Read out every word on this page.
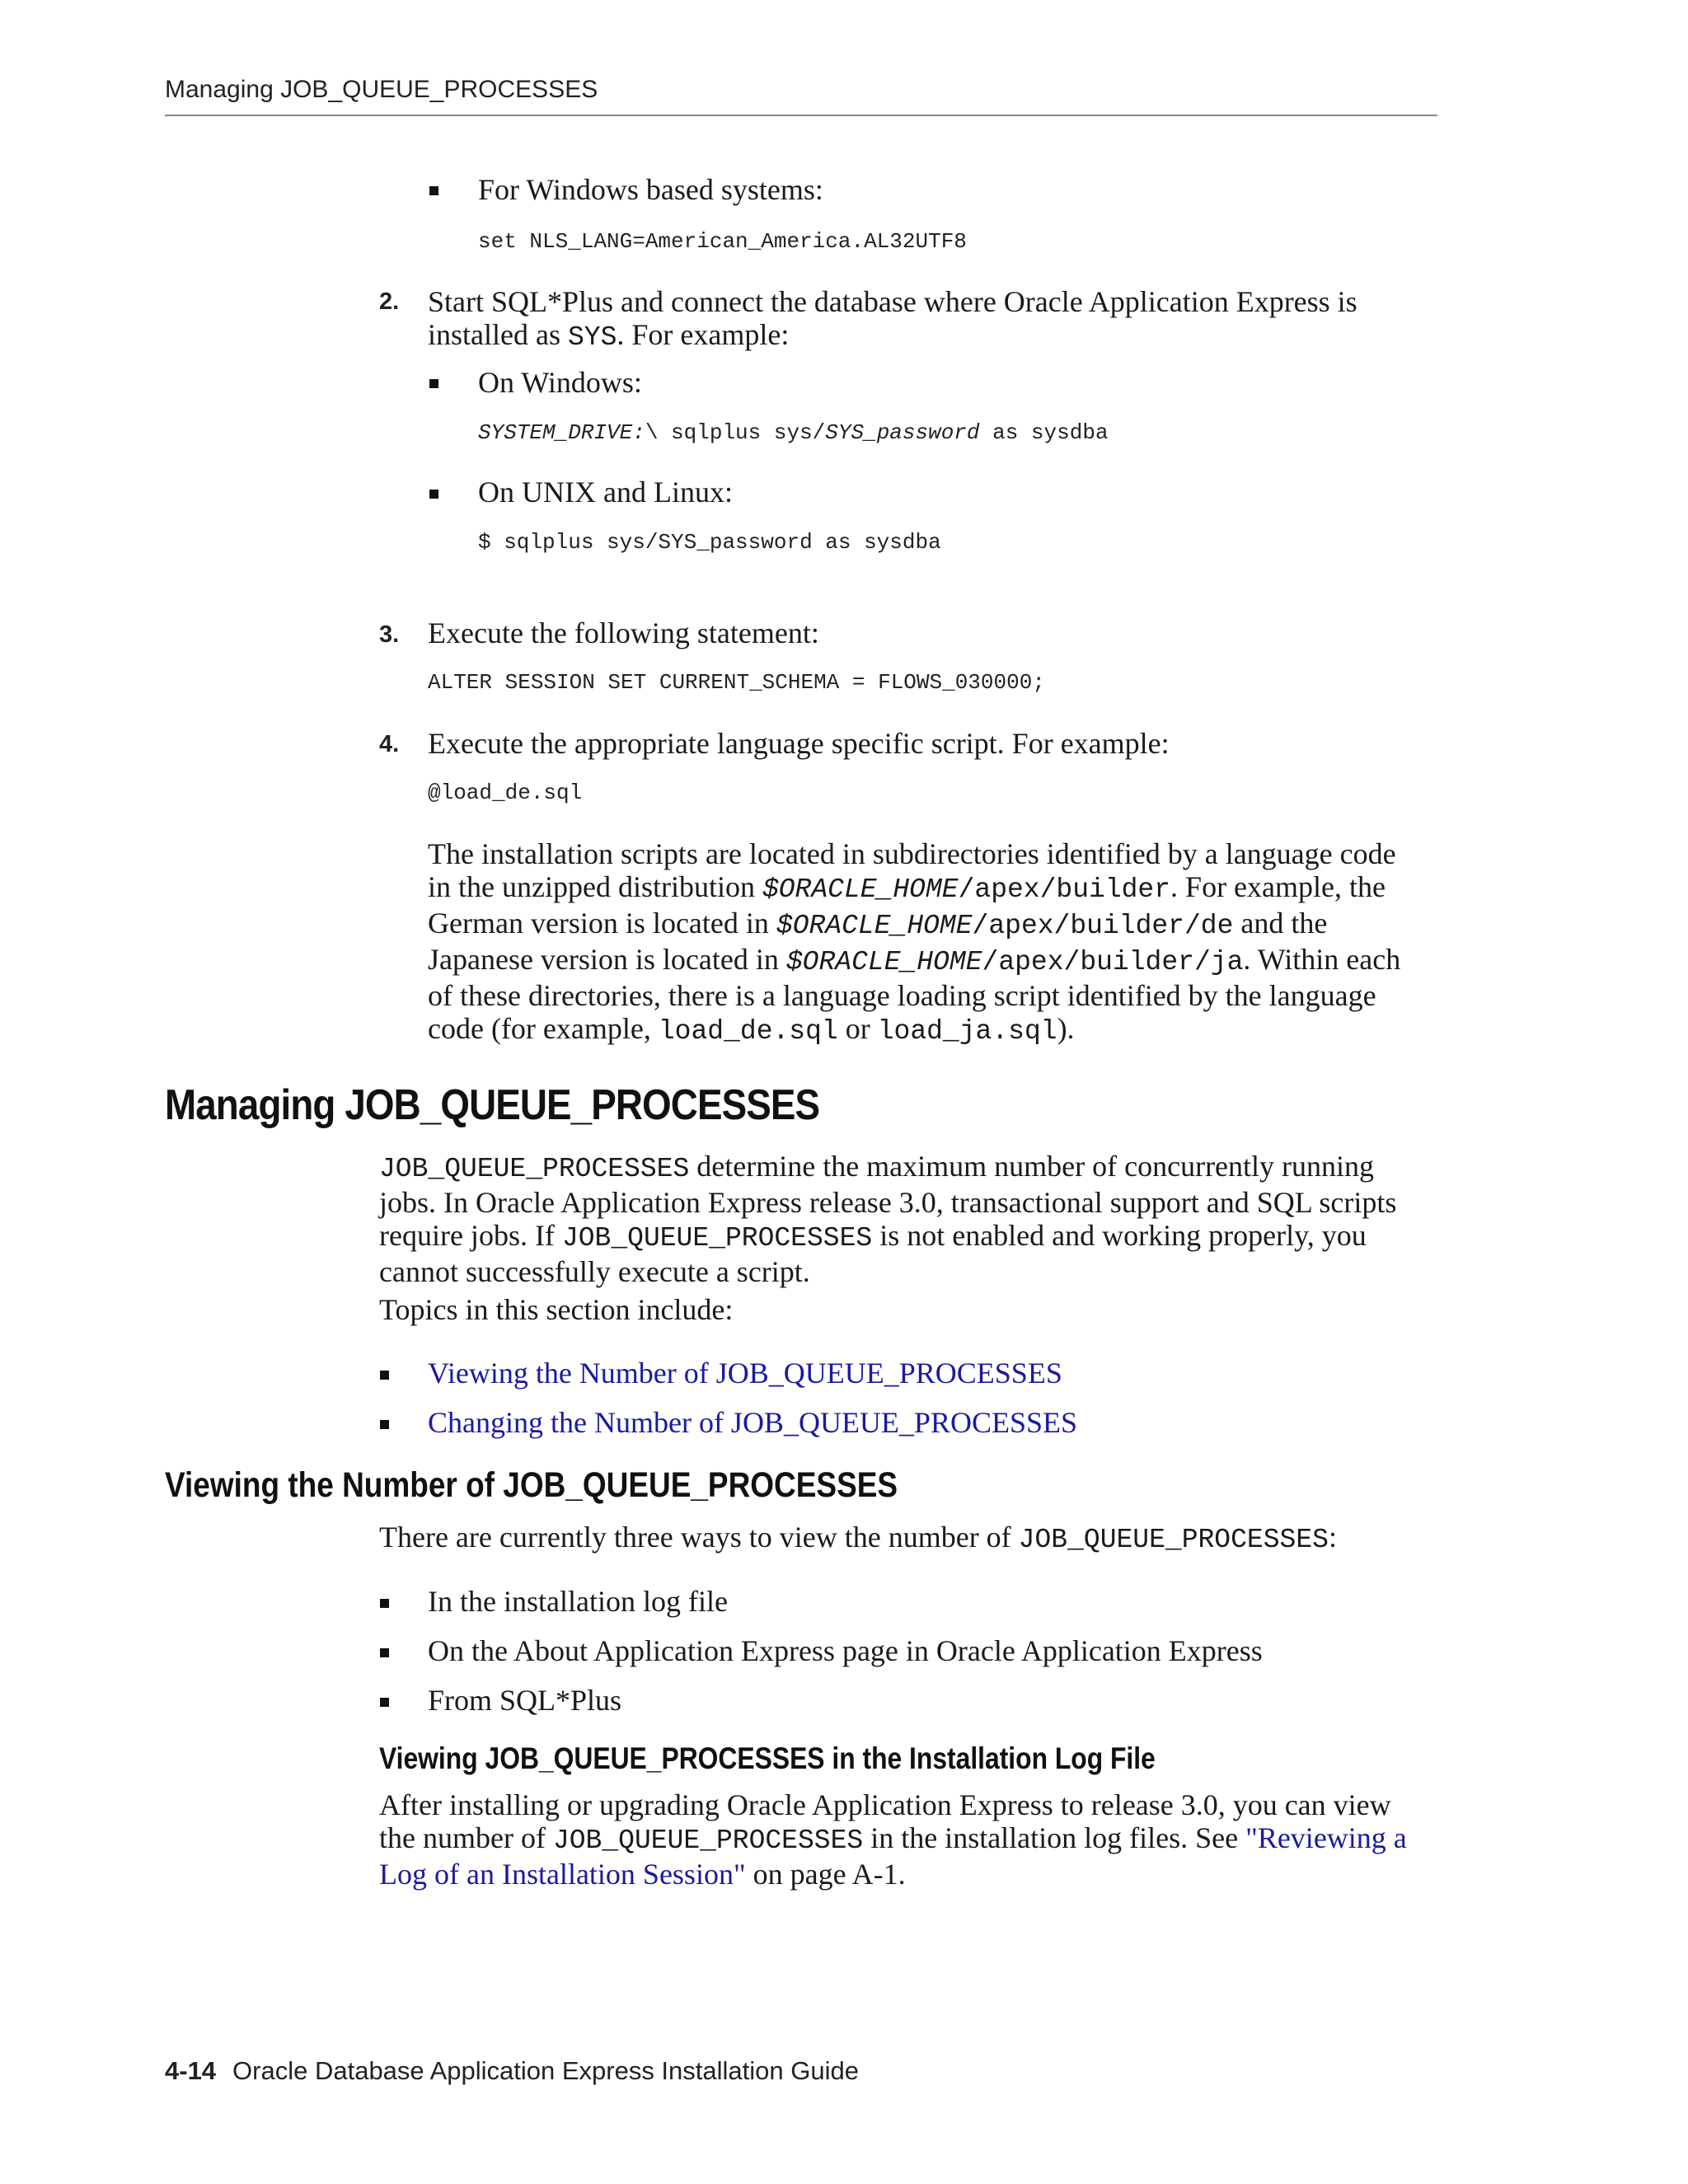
Managing JOB_QUEUE_PROCESSES
For Windows based systems:
set NLS_LANG=American_America.AL32UTF8
2. Start SQL*Plus and connect the database where Oracle Application Express is
installed as SYS. For example:
On Windows:
SYSTEM_DRIVE:\ sqlplus sys/SYS_password as sysdba
On UNIX and Linux:
$ sqlplus sys/SYS_password as sysdba
3. Execute the following statement:
ALTER SESSION SET CURRENT_SCHEMA = FLOWS_030000;
4. Execute the appropriate language specific script. For example:
@load_de.sql
The installation scripts are located in subdirectories identified by a language code
in the unzipped distribution $ORACLE_HOME/apex/builder. For example, the
German version is located in $ORACLE_HOME/apex/builder/de and the
Japanese version is located in $ORACLE_HOME/apex/builder/ja. Within each
of these directories, there is a language loading script identified by the language
code (for example, load_de.sql or load_ja.sql).
Managing JOB_QUEUE_PROCESSES
JOB_QUEUE_PROCESSES determine the maximum number of concurrently running
jobs. In Oracle Application Express release 3.0, transactional support and SQL scripts
require jobs. If JOB_QUEUE_PROCESSES is not enabled and working properly, you
cannot successfully execute a script.
Topics in this section include:
Viewing the Number of JOB_QUEUE_PROCESSES
Changing the Number of JOB_QUEUE_PROCESSES
Viewing the Number of JOB_QUEUE_PROCESSES
There are currently three ways to view the number of JOB_QUEUE_PROCESSES:
In the installation log file
On the About Application Express page in Oracle Application Express
From SQL*Plus
Viewing JOB_QUEUE_PROCESSES in the Installation Log File
After installing or upgrading Oracle Application Express to release 3.0, you can view
the number of JOB_QUEUE_PROCESSES in the installation log files. See "Reviewing a
Log of an Installation Session" on page A-1.
4-14 Oracle Database Application Express Installation Guide
